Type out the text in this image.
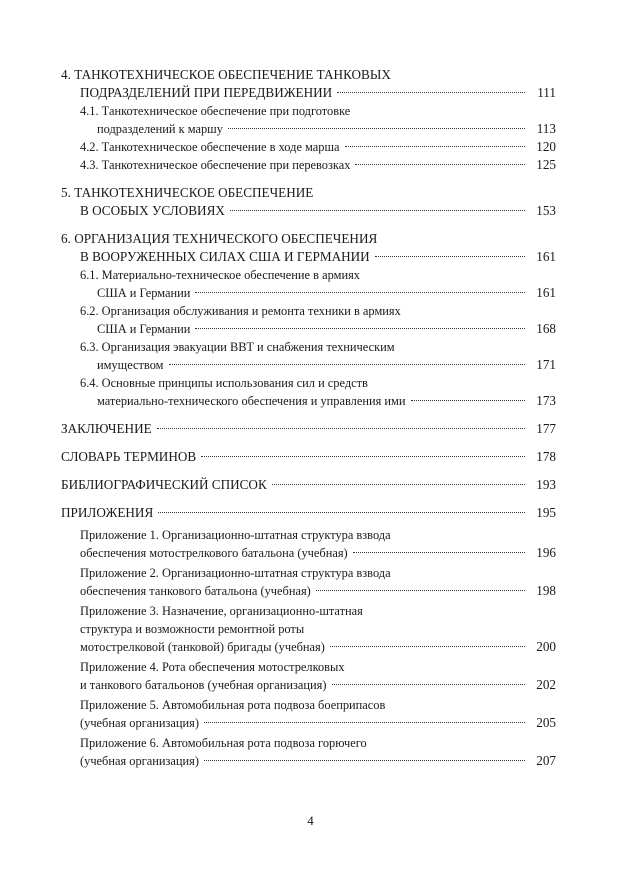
4. ТАНКОТЕХНИЧЕСКОЕ ОБЕСПЕЧЕНИЕ ТАНКОВЫХ
ПОДРАЗДЕЛЕНИЙ ПРИ ПЕРЕДВИЖЕНИИ	111
4.1. Танкотехническое обеспечение при подготовке
подразделений к маршу	113
4.2. Танкотехническое обеспечение в ходе марша	120
4.3. Танкотехническое обеспечение при перевозках	125
5. ТАНКОТЕХНИЧЕСКОЕ ОБЕСПЕЧЕНИЕ
В ОСОБЫХ УСЛОВИЯХ	153
6. ОРГАНИЗАЦИЯ ТЕХНИЧЕСКОГО ОБЕСПЕЧЕНИЯ
В ВООРУЖЕННЫХ СИЛАХ США И ГЕРМАНИИ	161
6.1. Материально-техническое обеспечение в армиях
США и Германии	161
6.2. Организация обслуживания и ремонта техники в армиях
США и Германии	168
6.3. Организация эвакуации ВВТ и снабжения техническим
имуществом	171
6.4. Основные принципы использования сил и средств
материально-технического обеспечения и управления ими	173
ЗАКЛЮЧЕНИЕ	177
СЛОВАРЬ ТЕРМИНОВ	178
БИБЛИОГРАФИЧЕСКИЙ СПИСОК	193
ПРИЛОЖЕНИЯ	195
Приложение 1. Организационно-штатная структура взвода
обеспечения мотострелкового батальона (учебная)	196
Приложение 2. Организационно-штатная структура взвода
обеспечения танкового батальона (учебная)	198
Приложение 3. Назначение, организационно-штатная
структура и возможности ремонтной роты
мотострелковой (танковой) бригады (учебная)	200
Приложение 4. Рота обеспечения мотострелковых
и танкового батальонов (учебная организация)	202
Приложение 5. Автомобильная рота подвоза боеприпасов
(учебная организация)	205
Приложение 6. Автомобильная рота подвоза горючего
(учебная организация)	207
4
